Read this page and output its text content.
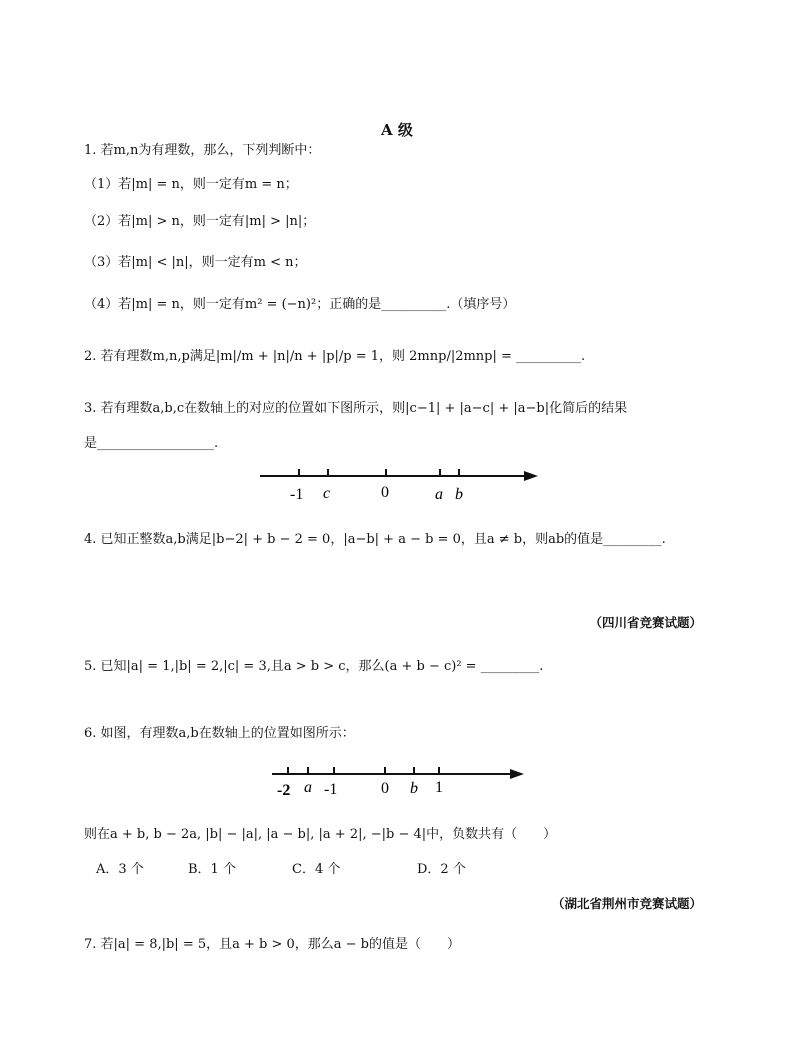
A 级
1. 若m,n为有理数，那么，下列判断中：
（1）若|m| = n，则一定有m = n；
（2）若|m| > n，则一定有|m| > |n|；
（3）若|m| < |n|，则一定有m < n；
（4）若|m| = n，则一定有m² = (−n)²；正确的是__________.（填序号）
2. 若有理数m,n,p满足|m|/m + |n|/n + |p|/p = 1，则 2mnp/|2mnp| = __________.
3. 若有理数a,b,c在数轴上的对应的位置如下图所示，则|c−1| + |a−c| + |a−b|化简后的结果
是__________________.
-1 c	0	a b
4. 已知正整数a,b满足|b−2| + b − 2 = 0，|a−b| + a − b = 0，且a ≠ b，则ab的值是_________.
（四川省竞赛试题）
5. 已知|a| = 1,|b| = 2,|c| = 3,且a > b > c，那么(a + b − c)² = _________.
6. 如图，有理数a,b在数轴上的位置如图所示：
-2 a -1	0 b 1
则在a + b, b − 2a, |b| − |a|, |a − b|, |a + 2|, −|b − 4|中，负数共有（　　）
A．3 个	B．1 个	C．4 个	D．2 个
（湖北省荆州市竞赛试题）
7. 若|a| = 8,|b| = 5，且a + b > 0，那么a − b的值是（　　）
